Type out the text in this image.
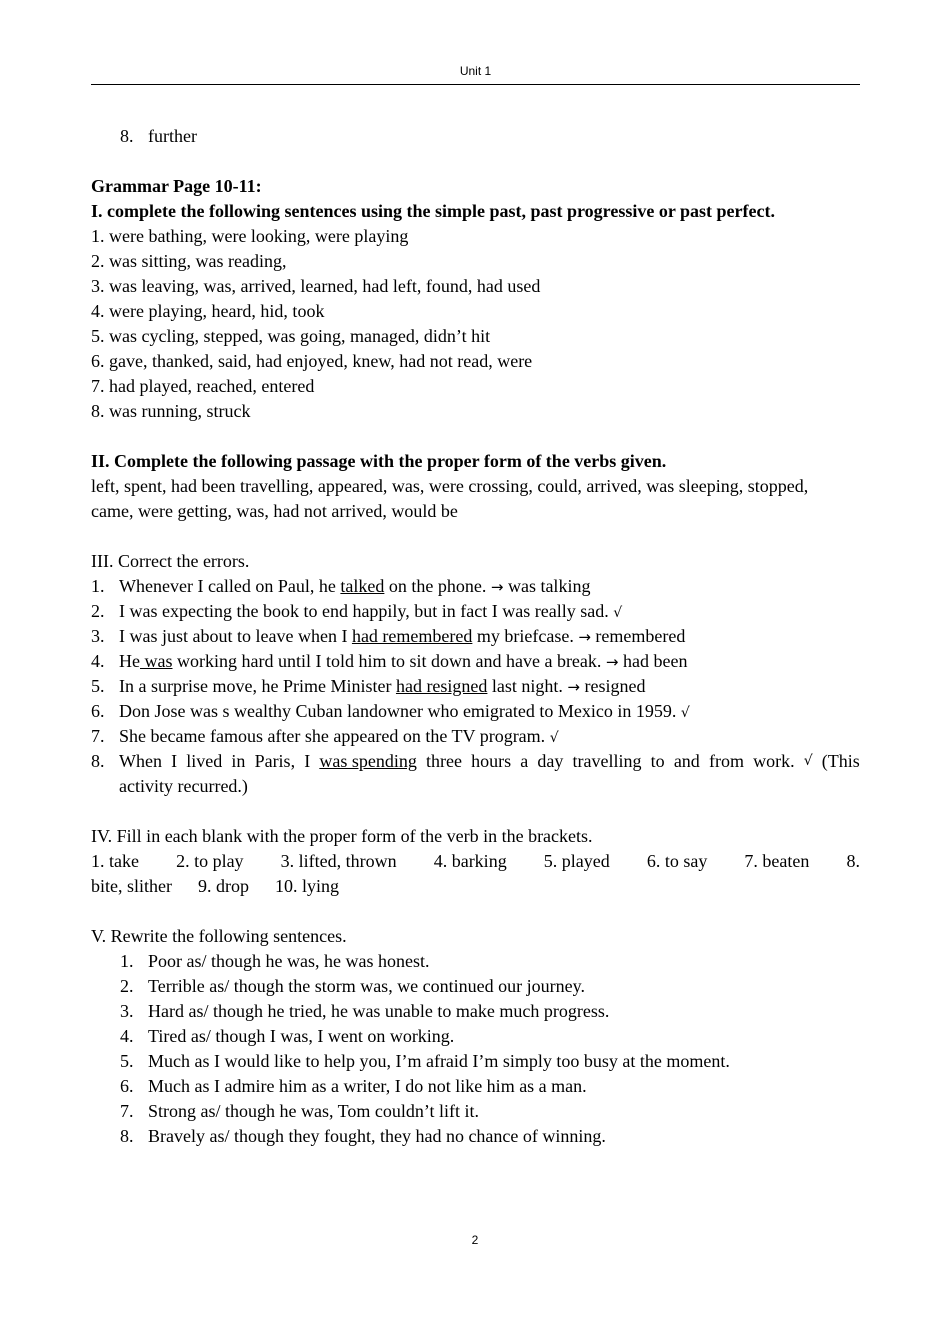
Unit 1
8. further
Grammar Page 10-11:
I. complete the following sentences using the simple past, past progressive or past perfect.
1. were bathing, were looking, were playing
2. was sitting, was reading,
3. was leaving, was, arrived, learned, had left, found, had used
4. were playing, heard, hid, took
5. was cycling, stepped, was going, managed, didn’t hit
6. gave, thanked, said, had enjoyed, knew, had not read, were
7. had played, reached, entered
8. was running, struck
II. Complete the following passage with the proper form of the verbs given.
left, spent, had been travelling, appeared, was, were crossing, could, arrived, was sleeping, stopped,
came, were getting, was, had not arrived, would be
III. Correct the errors.
1. Whenever I called on Paul, he talked on the phone. → was talking
2. I was expecting the book to end happily, but in fact I was really sad. √
3. I was just about to leave when I had remembered my briefcase. → remembered
4. He was working hard until I told him to sit down and have a break. → had been
5. In a surprise move, he Prime Minister had resigned last night. → resigned
6. Don Jose was s wealthy Cuban landowner who emigrated to Mexico in 1959. √
7. She became famous after she appeared on the TV program. √
8. When I lived in Paris, I was spending three hours a day travelling to and from work. √ (This
activity recurred.)
IV. Fill in each blank with the proper form of the verb in the brackets.
1. take 2. to play 3. lifted, thrown 4. barking 5. played 6. to say 7. beaten 8.
bite, slither 9. drop 10. lying
V. Rewrite the following sentences.
1. Poor as/ though he was, he was honest.
2. Terrible as/ though the storm was, we continued our journey.
3. Hard as/ though he tried, he was unable to make much progress.
4. Tired as/ though I was, I went on working.
5. Much as I would like to help you, I’m afraid I’m simply too busy at the moment.
6. Much as I admire him as a writer, I do not like him as a man.
7. Strong as/ though he was, Tom couldn’t lift it.
8. Bravely as/ though they fought, they had no chance of winning.
2
